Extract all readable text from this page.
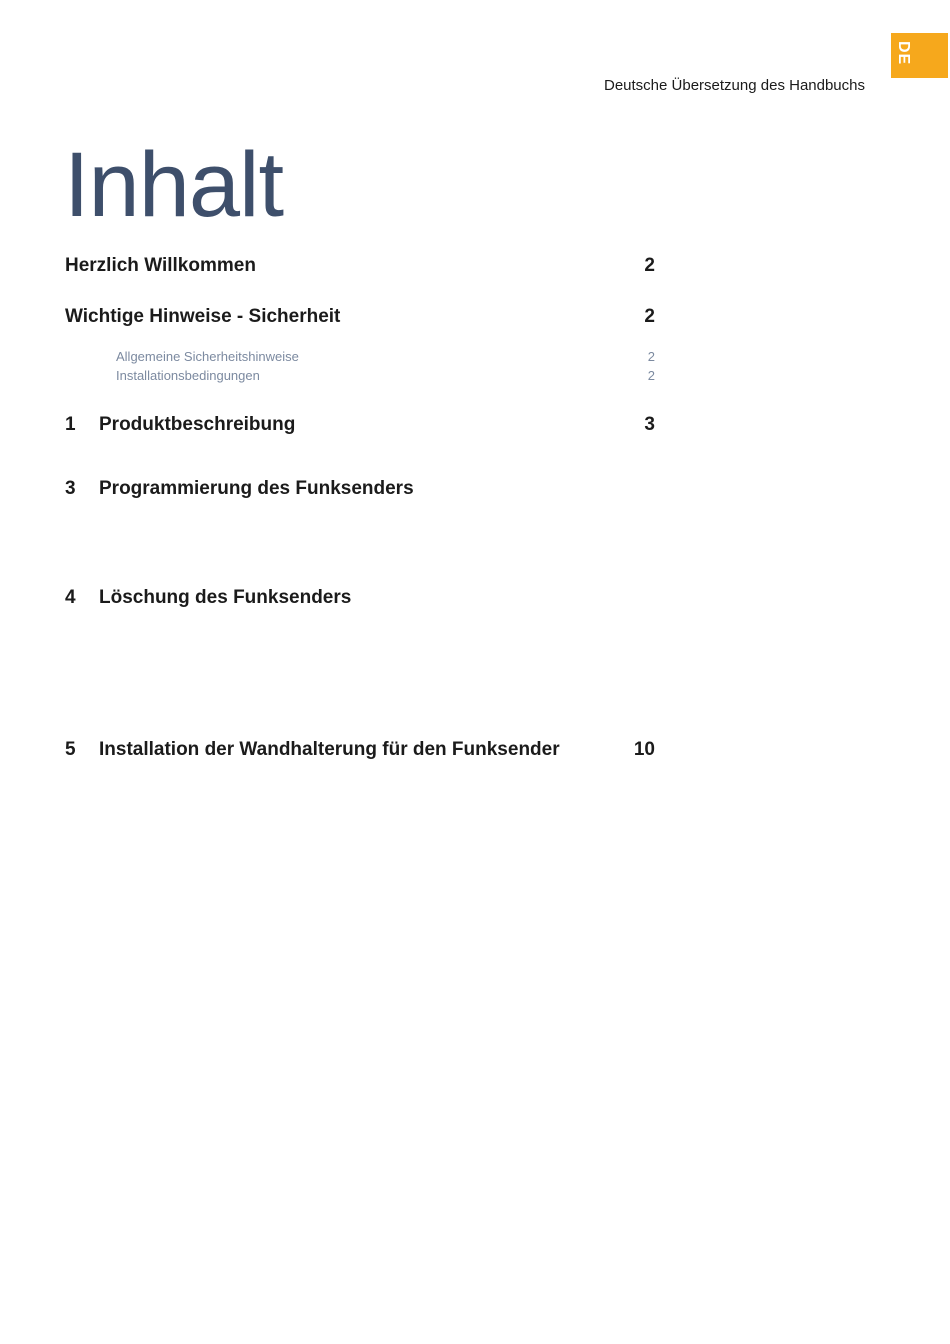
DE
Deutsche Übersetzung des Handbuchs
Inhalt
Herzlich Willkommen	2
Wichtige Hinweise - Sicherheit	2
Allgemeine Sicherheitshinweise	2
Installationsbedingungen	2
1 Produktbeschreibung	3
3 Programmierung des Funksenders
4 Löschung des Funksenders
5 Installation der Wandhalterung für den Funksender	10
